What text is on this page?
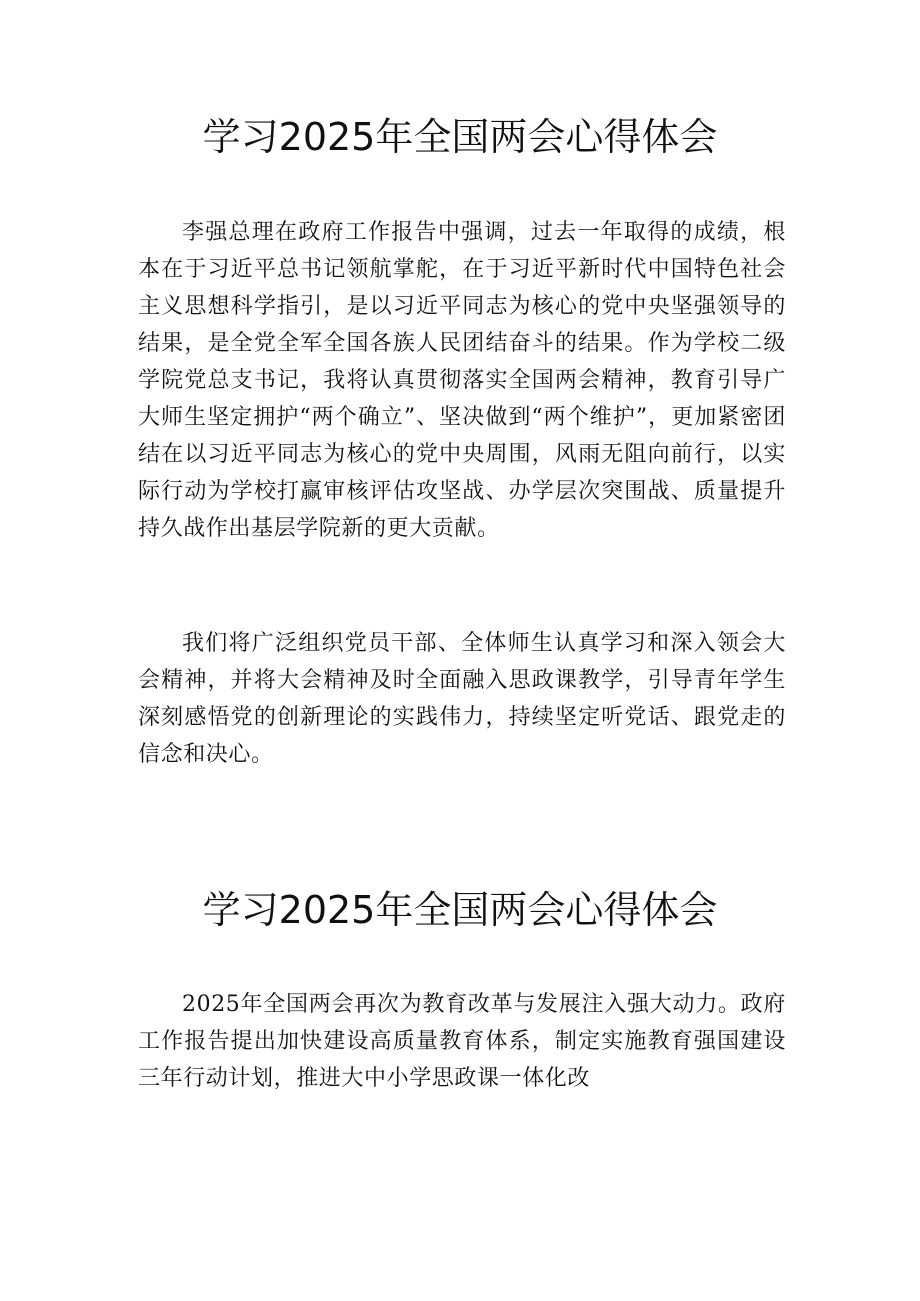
学习2025年全国两会心得体会

李强总理在政府工作报告中强调，过去一年取得的成绩，根本在于习近平总书记领航掌舵，在于习近平新时代中国特色社会主义思想科学指引，是以习近平同志为核心的党中央坚强领导的结果，是全党全军全国各族人民团结奋斗的结果。作为学校二级学院党总支书记，我将认真贯彻落实全国两会精神，教育引导广大师生坚定拥护“两个确立”、坚决做到“两个维护”，更加紧密团结在以习近平同志为核心的党中央周围，风雨无阻向前行，以实际行动为学校打赢审核评估攻坚战、办学层次突围战、质量提升持久战作出基层学院新的更大贡献。

我们将广泛组织党员干部、全体师生认真学习和深入领会大会精神，并将大会精神及时全面融入思政课教学，引导青年学生深刻感悟党的创新理论的实践伟力，持续坚定听党话、跟党走的信念和决心。

学习2025年全国两会心得体会

2025年全国两会再次为教育改革与发展注入强大动力。政府工作报告提出加快建设高质量教育体系，制定实施教育强国建设三年行动计划，推进大中小学思政课一体化改
